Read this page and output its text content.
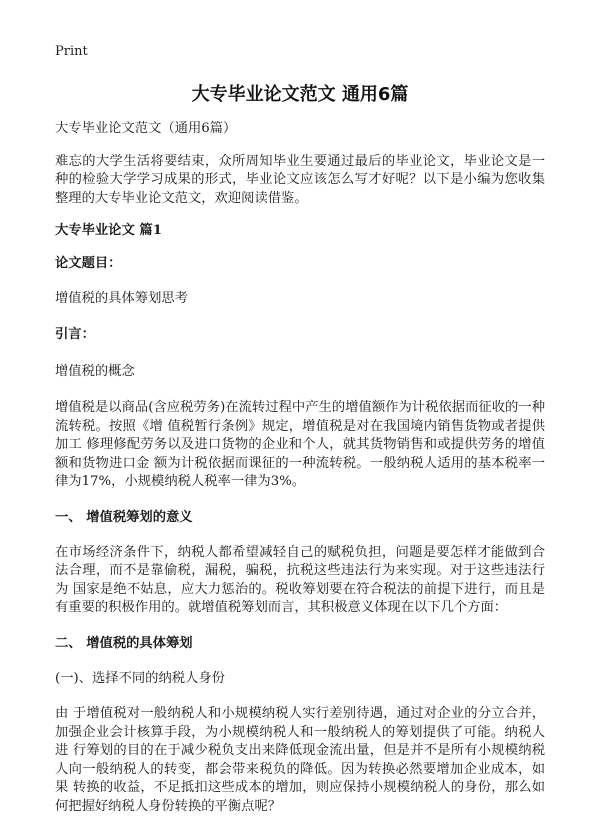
Print
大专毕业论文范文 通用6篇

大专毕业论文范文（通用6篇）

难忘的大学生活将要结束，众所周知毕业生要通过最后的毕业论文，毕业论文是一种的检验大学学习成果的形式，毕业论文应该怎么写才好呢？以下是小编为您收集整理的大专毕业论文范文，欢迎阅读借鉴。

大专毕业论文 篇1

论文题目：

增值税的具体筹划思考

引言：

增值税的概念

增值税是以商品(含应税劳务)在流转过程中产生的增值额作为计税依据而征收的一种流转税。按照《增 值税暂行条例》规定，增值税是对在我国境内销售货物或者提供加工 修理修配劳务以及进口货物的企业和个人，就其货物销售和或提供劳务的增值额和货物进口金 额为计税依据而课征的一种流转税。一般纳税人适用的基本税率一律为17%，小规模纳税人税率一律为3%。

一、 增值税筹划的意义

在市场经济条件下，纳税人都希望减轻自己的赋税负担，问题是要怎样才能做到合法合理，而不是靠偷税，漏税，骗税，抗税这些违法行为来实现。对于这些违法行为 国家是绝不姑息，应大力惩治的。税收筹划要在符合税法的前提下进行，而且是有重要的积极作用的。就增值税筹划而言，其积极意义体现在以下几个方面：

二、 增值税的具体筹划

(一)、选择不同的纳税人身份

由 于增值税对一般纳税人和小规模纳税人实行差别待遇，通过对企业的分立合并，加强企业会计核算手段，为小规模纳税人和一般纳税人的筹划提供了可能。纳税人进 行筹划的目的在于减少税负支出来降低现金流出量，但是并不是所有小规模纳税人向一般纳税人的转变，都会带来税负的降低。因为转换必然要增加企业成本，如果 转换的收益，不足抵扣这些成本的增加，则应保持小规模纳税人的身份，那么如何把握好纳税人身份转换的平衡点呢？
